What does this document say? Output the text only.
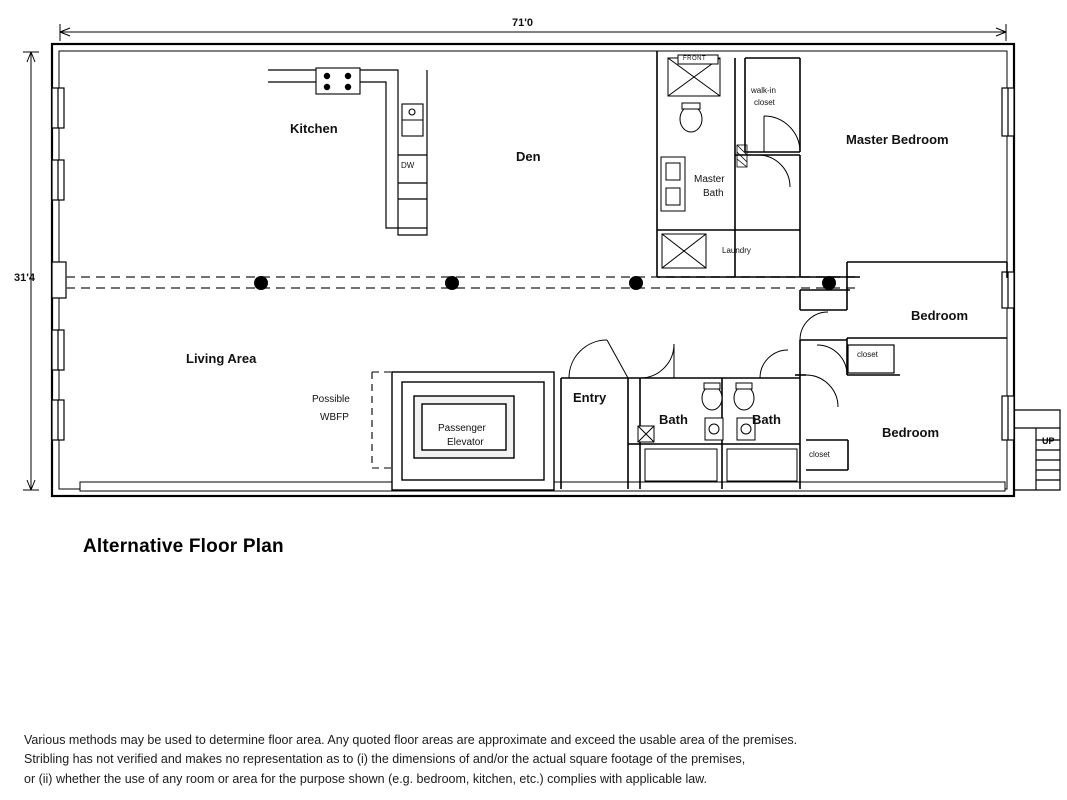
71'0
31'4
Kitchen
Den
Master Bedroom
Living Area
Bedroom
Bedroom
Entry
Bath	Bath
Master
Bath
walk-in
closet
Laundry
Possible
WBFP
Passenger
Elevator
closet
closet
DW
FRONT
UP
Alternative Floor Plan
Various methods may be used to determine floor area. Any quoted floor areas are approximate and exceed the usable area of the premises.
Stribling has not verified and makes no representation as to (i) the dimensions of and/or the actual square footage of the premises,
or (ii) whether the use of any room or area for the purpose shown (e.g. bedroom, kitchen, etc.) complies with applicable law.
